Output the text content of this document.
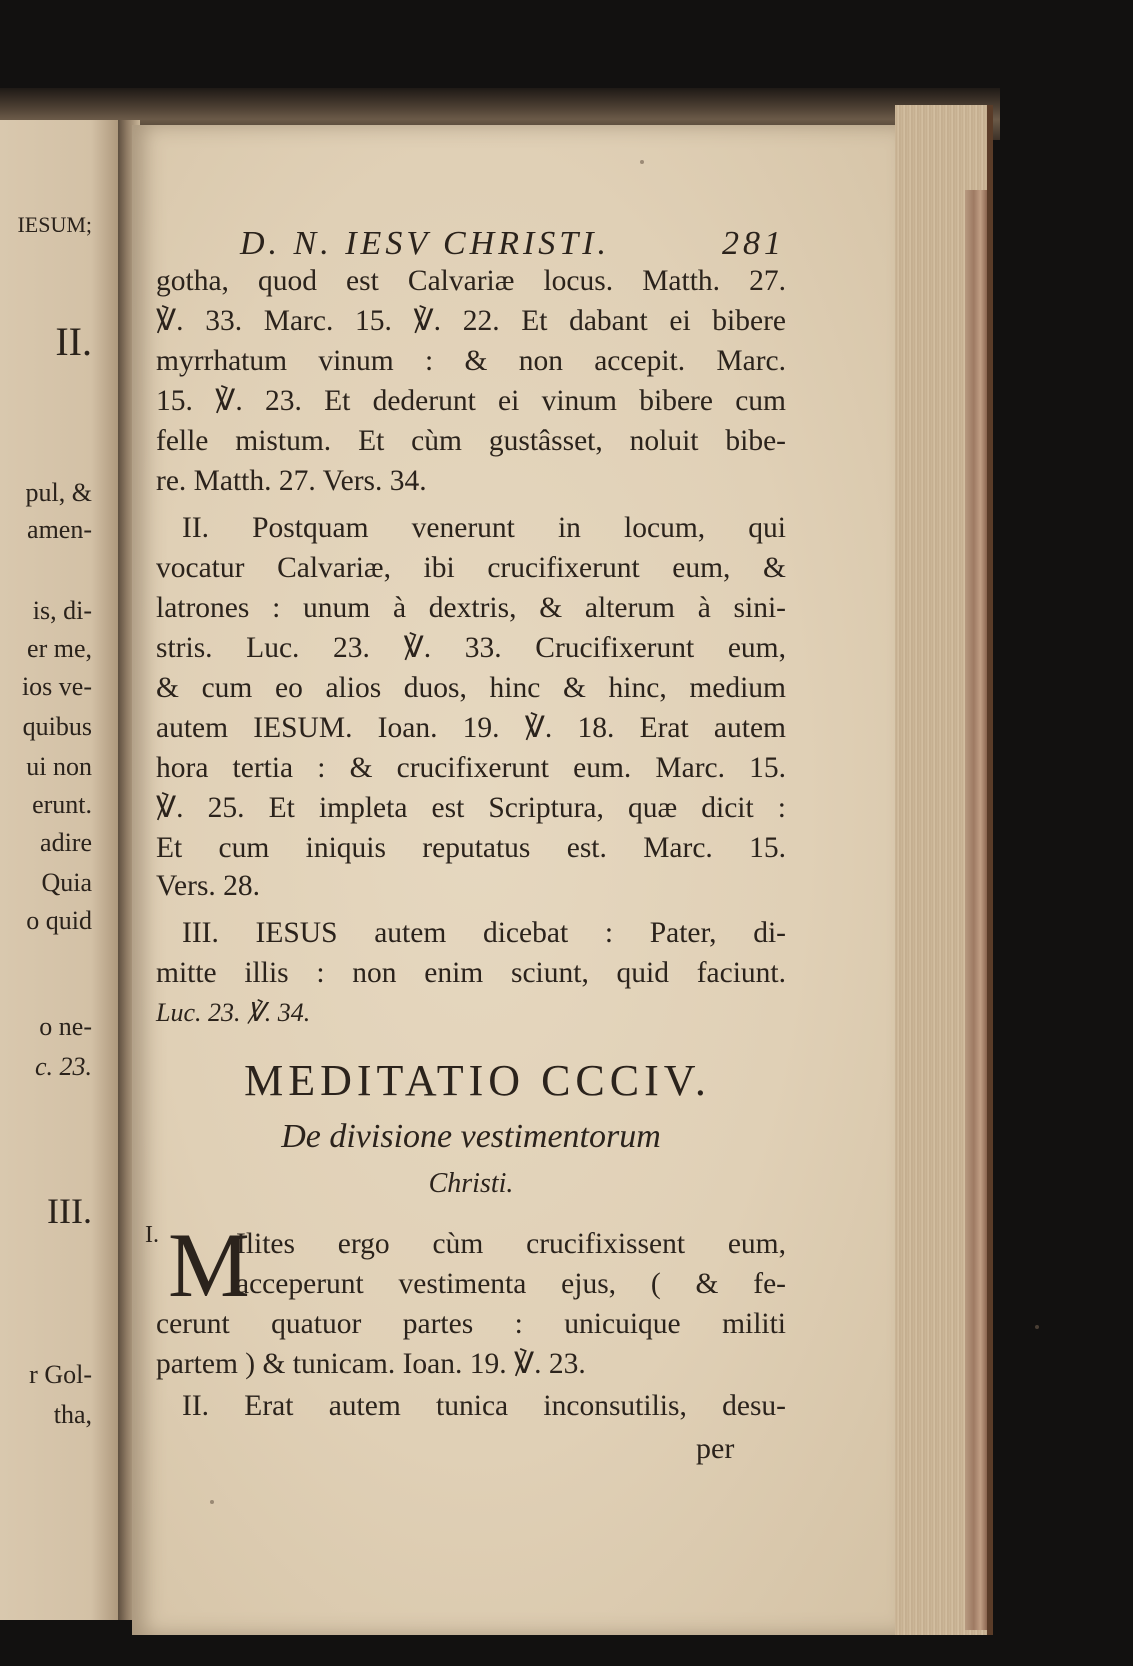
IESUM;
II.
pul, &
amen-
is, di-
er me,
ios ve-
quibus
ui non
erunt.
adire
Quia
o quid
o ne-
c. 23.
III.
r Gol-
tha,
D. N. IESV CHRISTI.	281
gotha, quod est Calvariæ locus. Matth. 27.
℣. 33. Marc. 15. ℣. 22. Et dabant ei bibere
myrrhatum vinum : & non accepit. Marc.
15. ℣. 23. Et dederunt ei vinum bibere cum
felle mistum. Et cùm gustâsset, noluit bibe-
re. Matth. 27. Vers. 34.
II. Postquam venerunt in locum, qui
vocatur Calvariæ, ibi crucifixerunt eum, &
latrones : unum à dextris, & alterum à sini-
stris. Luc. 23. ℣. 33. Crucifixerunt eum,
& cum eo alios duos, hinc & hinc, medium
autem IESUM. Ioan. 19. ℣. 18. Erat autem
hora tertia : & crucifixerunt eum. Marc. 15.
℣. 25. Et impleta est Scriptura, quæ dicit :
Et cum iniquis reputatus est. Marc. 15.
Vers. 28.
III. IESUS autem dicebat : Pater, di-
mitte illis : non enim sciunt, quid faciunt.
Luc. 23. ℣. 34.
MEDITATIO CCCIV.
De divisione vestimentorum
Christi.
I. M
Ilites ergo cùm crucifixissent eum,
acceperunt vestimenta ejus, ( & fe-
cerunt quatuor partes : unicuique militi
partem ) & tunicam. Ioan. 19. ℣. 23.
II. Erat autem tunica inconsutilis, desu-
per
